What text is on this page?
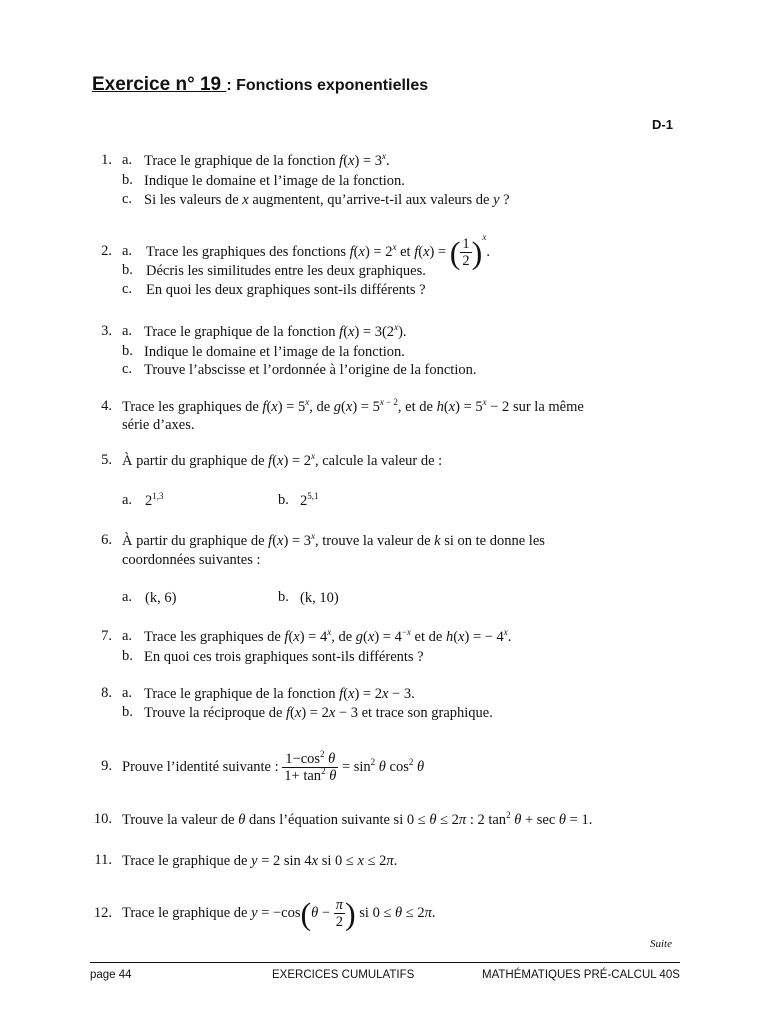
Exercice n° 19 : Fonctions exponentielles
D-1
1. a. Trace le graphique de la fonction $f(x) = 3^x$.
b. Indique le domaine et l’image de la fonction.
c. Si les valeurs de x augmentent, qu’arrive-t-il aux valeurs de y ?
2. a. Trace les graphiques des fonctions $f(x) = 2^x$ et f(x) = ( $\frac{1}{2} )^x$.
b. Décris les similitudes entre les deux graphiques.
c. En quoi les deux graphiques sont-ils différents ?
3. a. Trace le graphique de la fonction $f(x) = 3(2^x)$.
b. Indique le domaine et l’image de la fonction.
c. Trouve l’abscisse et l’ordonnée à l’origine de la fonction.
4. Trace les graphiques de $f(x) = 5^x$, de $g(x) = 5^{x - 2}$, et de $h(x) = 5^x - 2$ sur la même
série d’axes.
5. À partir du graphique de $f(x) = 2^x$, calcule la valeur de :
a. 2$^{1,3}$	b. 2$^{5,1}$
6. À partir du graphique de $f(x) = 3^x$, trouve la valeur de k si on te donne les
coordonnées suivantes :
a. (k, 6)	b. (k, 10)
7. a. Trace les graphiques de $f(x) = 4^x$, de $g(x) = 4^{-x}$ et de h(x) = − $4^x$.
b. En quoi ces trois graphiques sont-ils différents ?
8. a. Trace le graphique de la fonction f(x) = 2x − 3.
b. Trouve la réciproque de f(x) = 2x − 3 et trace son graphique.
9. Prouve l’identité suivante : $\frac{1-\cos^2 \theta}{1+ \tan^2 \theta} = \sin^2 \theta$ $\cos^2 \theta$
10. Trouve la valeur de θ dans l’équation suivante si 0 ≤ θ ≤ 2π : 2 $\tan^2 \theta + \sec \theta = 1$.
11. Trace le graphique de y = 2 sin 4x si 0 ≤ x ≤ 2π.
12. Trace le graphique de $y = -\cos(\theta - \frac{\pi}{2}$ ) si 0 ≤ θ ≤ 2π.
Suite
page 44	EXERCICES CUMULATIFS	MATHÉMATIQUES PRÉ-CALCUL 40S
